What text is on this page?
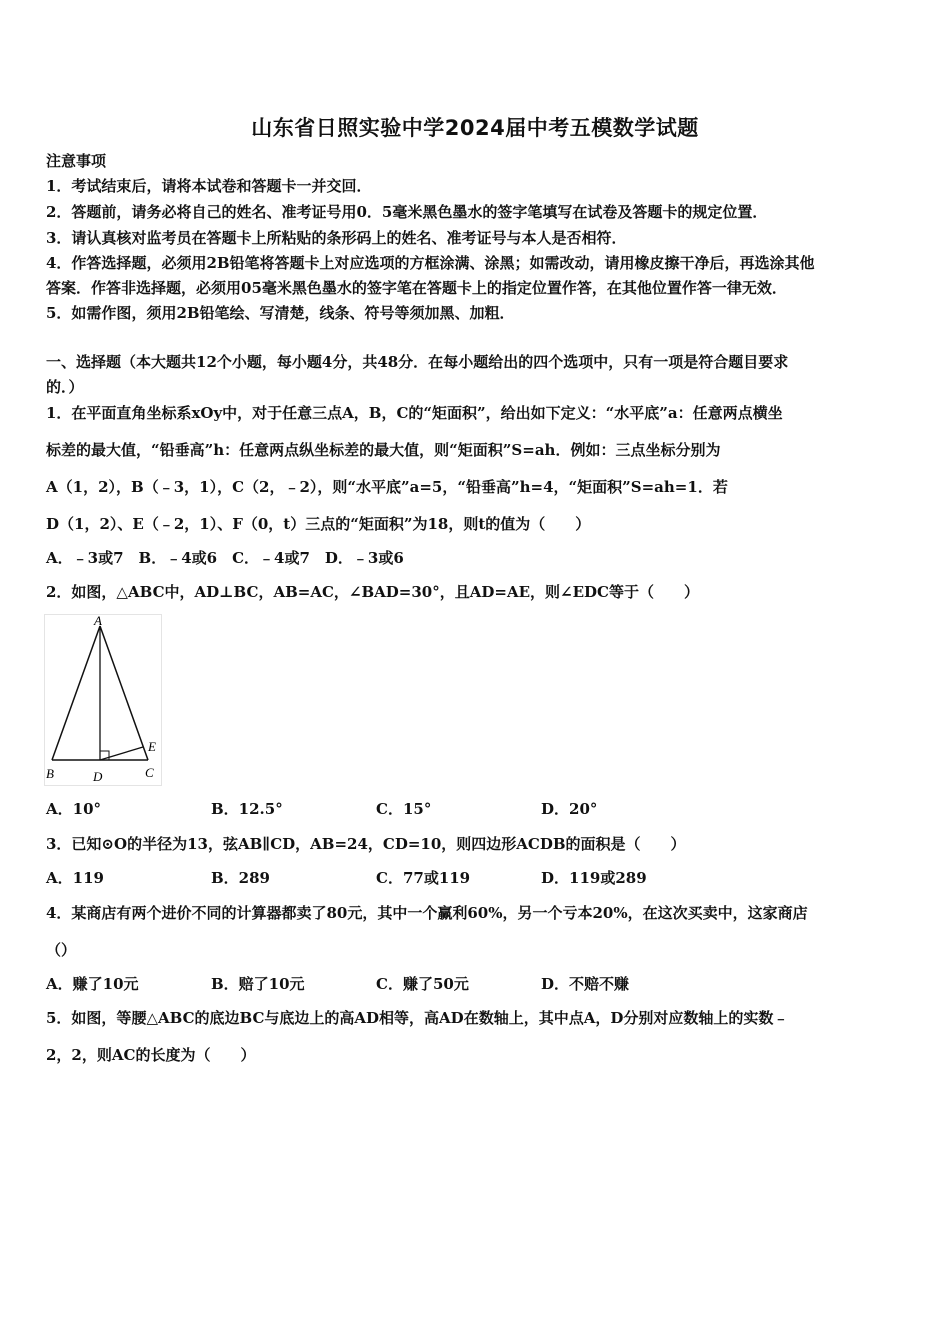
山东省日照实验中学2024届中考五模数学试题
注意事项
1．考试结束后，请将本试卷和答题卡一并交回．
2．答题前，请务必将自己的姓名、准考证号用0．5毫米黑色墨水的签字笔填写在试卷及答题卡的规定位置．
3．请认真核对监考员在答题卡上所粘贴的条形码上的姓名、准考证号与本人是否相符．
4．作答选择题，必须用2B铅笔将答题卡上对应选项的方框涂满、涂黑；如需改动，请用橡皮擦干净后，再选涂其他
答案．作答非选择题，必须用05毫米黑色墨水的签字笔在答题卡上的指定位置作答，在其他位置作答一律无效．
5．如需作图，须用2B铅笔绘、写清楚，线条、符号等须加黑、加粗．
一、选择题（本大题共12个小题，每小题4分，共48分．在每小题给出的四个选项中，只有一项是符合题目要求
的．）
1．在平面直角坐标系xOy中，对于任意三点A，B，C的“矩面积”，给出如下定义：“水平底”a：任意两点横坐
标差的最大值，“铅垂高”h：任意两点纵坐标差的最大值，则“矩面积”S=ah．例如：三点坐标分别为
A（1，2），B（﹣3，1），C（2，﹣2），则“水平底”a=5，“铅垂高”h=4，“矩面积”S=ah=1．若
D（1，2）、E（﹣2，1）、F（0，t）三点的“矩面积”为18，则t的值为（　　）
A．﹣3或7　B．﹣4或6　C．﹣4或7　D．﹣3或6
2．如图，△ABC中，AD⊥BC，AB=AC，∠BAD=30°，且AD=AE，则∠EDC等于（　　）
A
B	D	C
E
A．10°	B．12.5°	C．15°	D．20°
3．已知⊙O的半径为13，弦AB∥CD，AB=24，CD=10，则四边形ACDB的面积是（　　）
A．119	B．289	C．77或119	D．119或289
4．某商店有两个进价不同的计算器都卖了80元，其中一个赢利60%，另一个亏本20%，在这次买卖中，这家商店
（）
A．赚了10元	B．赔了10元	C．赚了50元	D．不赔不赚
5．如图，等腰△ABC的底边BC与底边上的高AD相等，高AD在数轴上，其中点A，D分别对应数轴上的实数﹣
2，2，则AC的长度为（　　）
